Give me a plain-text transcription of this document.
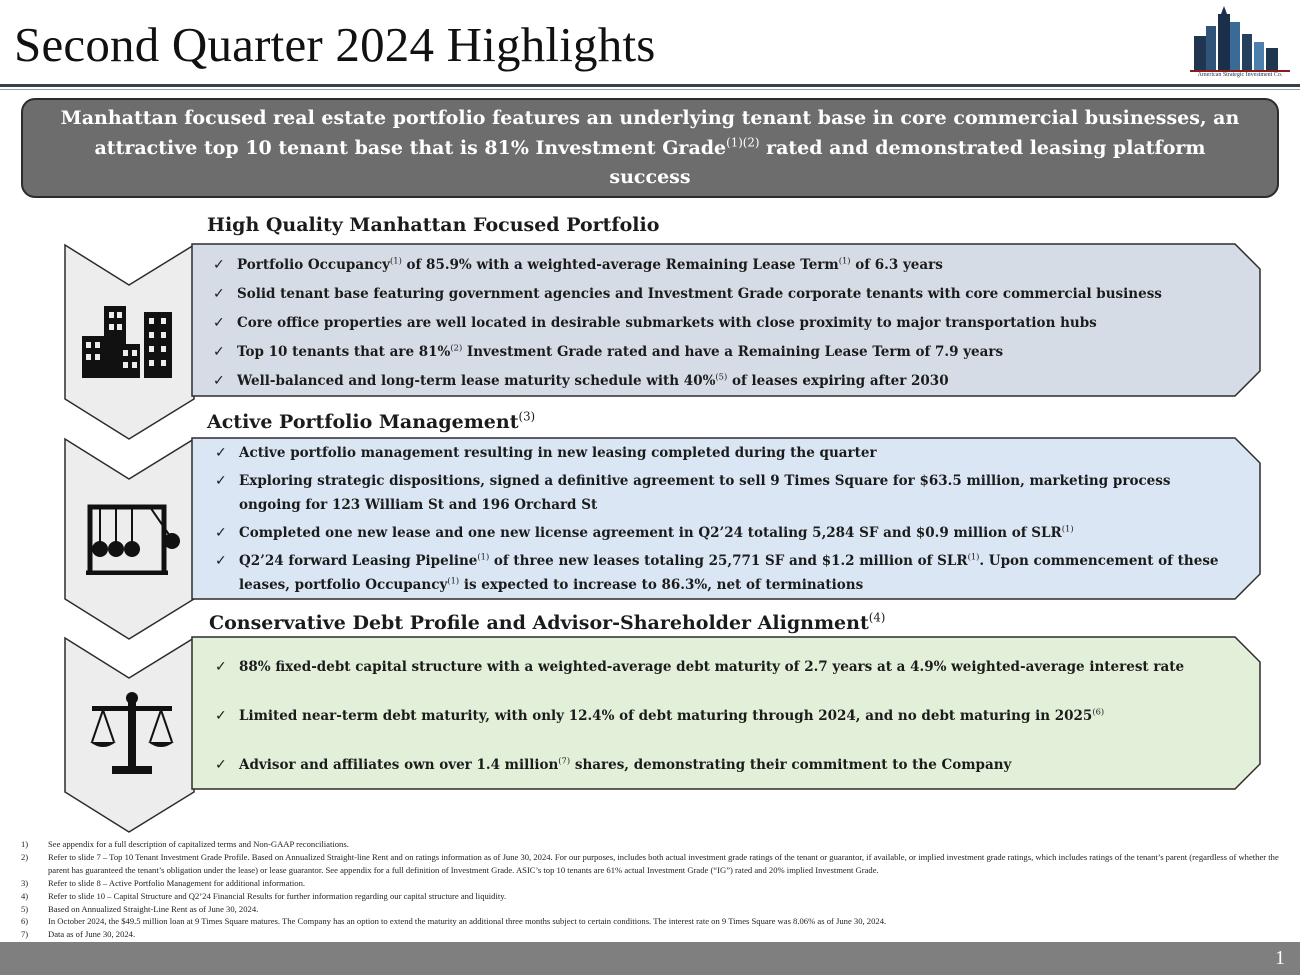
Second Quarter 2024 Highlights
American Strategic Investment Co.
Manhattan focused real estate portfolio features an underlying tenant base in core commercial businesses, an
attractive top 10 tenant base that is 81% Investment Grade$^{(1)(2)}$ rated and demonstrated leasing platform
success
High Quality Manhattan Focused Portfolio
✓ Portfolio Occupancy$^{(1)}$ of 85.9% with a weighted-average Remaining Lease Term$^{(1)}$ of 6.3 years
✓ Solid tenant base featuring government agencies and Investment Grade corporate tenants with core commercial business
✓ Core office properties are well located in desirable submarkets with close proximity to major transportation hubs
✓ Top 10 tenants that are 81%$^{(2)}$ Investment Grade rated and have a Remaining Lease Term of 7.9 years
✓ Well-balanced and long-term lease maturity schedule with 40%$^{(5)}$ of leases expiring after 2030
Active Portfolio Management$^{(3)}$
✓ Active portfolio management resulting in new leasing completed during the quarter
✓ Exploring strategic dispositions, signed a definitive agreement to sell 9 Times Square for $63.5 million, marketing process ongoing for 123 William St and 196 Orchard St
✓ Completed one new lease and one new license agreement in Q2’24 totaling 5,284 SF and $0.9 million of SLR$^{(1)}$
✓ Q2’24 forward Leasing Pipeline$^{(1)}$ of three new leases totaling 25,771 SF and $1.2 million of SLR$^{(1)}$. Upon commencement of these leases, portfolio Occupancy$^{(1)}$ is expected to increase to 86.3%, net of terminations
Conservative Debt Profile and Advisor-Shareholder Alignment$^{(4)}$
✓ 88% fixed-debt capital structure with a weighted-average debt maturity of 2.7 years at a 4.9% weighted-average interest rate
✓ Limited near-term debt maturity, with only 12.4% of debt maturing through 2024, and no debt maturing in 2025$^{(6)}$
✓ Advisor and affiliates own over 1.4 million$^{(7)}$ shares, demonstrating their commitment to the Company
1) See appendix for a full description of capitalized terms and Non-GAAP reconciliations.
2) Refer to slide 7 – Top 10 Tenant Investment Grade Profile. Based on Annualized Straight-line Rent and on ratings information as of June 30, 2024. For our purposes, includes both actual investment grade ratings of the tenant or guarantor, if available, or implied investment grade ratings, which includes ratings of the tenant’s parent (regardless of whether the parent has guaranteed the tenant’s obligation under the lease) or lease guarantor. See appendix for a full definition of Investment Grade. ASIC’s top 10 tenants are 61% actual Investment Grade (“IG”) rated and 20% implied Investment Grade.
3) Refer to slide 8 – Active Portfolio Management for additional information.
4) Refer to slide 10 – Capital Structure and Q2’24 Financial Results for further information regarding our capital structure and liquidity.
5) Based on Annualized Straight-Line Rent as of June 30, 2024.
6) In October 2024, the $49.5 million loan at 9 Times Square matures. The Company has an option to extend the maturity an additional three months subject to certain conditions. The interest rate on 9 Times Square was 8.06% as of June 30, 2024.
7) Data as of June 30, 2024.
1
